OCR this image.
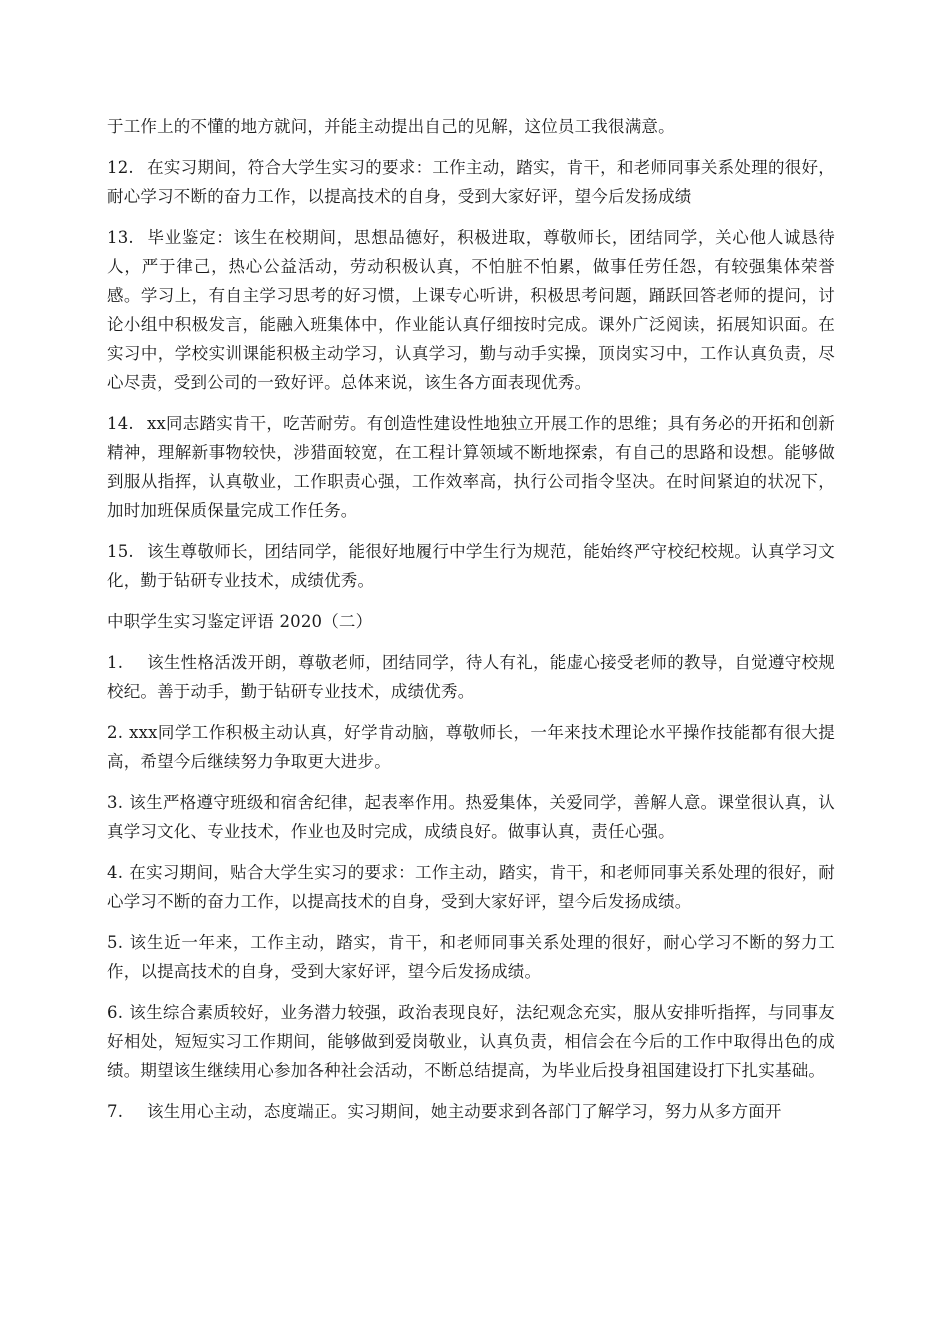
于工作上的不懂的地方就问，并能主动提出自己的见解，这位员工我很满意。

12. 在实习期间，符合大学生实习的要求：工作主动，踏实，肯干，和老师同事关系处理的很好，耐心学习不断的奋力工作，以提高技术的自身，受到大家好评，望今后发扬成绩

13. 毕业鉴定：该生在校期间，思想品德好，积极进取，尊敬师长，团结同学，关心他人诚恳待人，严于律己，热心公益活动，劳动积极认真，不怕脏不怕累，做事任劳任怨，有较强集体荣誉感。学习上，有自主学习思考的好习惯，上课专心听讲，积极思考问题，踊跃回答老师的提问，讨论小组中积极发言，能融入班集体中，作业能认真仔细按时完成。课外广泛阅读，拓展知识面。在实习中，学校实训课能积极主动学习，认真学习，勤与动手实操，顶岗实习中，工作认真负责，尽心尽责，受到公司的一致好评。总体来说，该生各方面表现优秀。

14. xx同志踏实肯干，吃苦耐劳。有创造性建设性地独立开展工作的思维；具有务必的开拓和创新精神，理解新事物较快，涉猎面较宽，在工程计算领域不断地探索，有自己的思路和设想。能够做到服从指挥，认真敬业，工作职责心强，工作效率高，执行公司指令坚决。在时间紧迫的状况下，加时加班保质保量完成工作任务。

15. 该生尊敬师长，团结同学，能很好地履行中学生行为规范，能始终严守校纪校规。认真学习文化，勤于钻研专业技术，成绩优秀。

中职学生实习鉴定评语 2020（二）

1. 该生性格活泼开朗，尊敬老师，团结同学，待人有礼，能虚心接受老师的教导，自觉遵守校规校纪。善于动手，勤于钻研专业技术，成绩优秀。

2. xxx同学工作积极主动认真，好学肯动脑，尊敬师长，一年来技术理论水平操作技能都有很大提高，希望今后继续努力争取更大进步。

3. 该生严格遵守班级和宿舍纪律，起表率作用。热爱集体，关爱同学，善解人意。课堂很认真，认真学习文化、专业技术，作业也及时完成，成绩良好。做事认真，责任心强。

4. 在实习期间，贴合大学生实习的要求：工作主动，踏实，肯干，和老师同事关系处理的很好，耐心学习不断的奋力工作，以提高技术的自身，受到大家好评，望今后发扬成绩。

5. 该生近一年来，工作主动，踏实，肯干，和老师同事关系处理的很好，耐心学习不断的努力工作，以提高技术的自身，受到大家好评，望今后发扬成绩。

6. 该生综合素质较好，业务潜力较强，政治表现良好，法纪观念充实，服从安排听指挥，与同事友好相处，短短实习工作期间，能够做到爱岗敬业，认真负责，相信会在今后的工作中取得出色的成绩。期望该生继续用心参加各种社会活动，不断总结提高，为毕业后投身祖国建设打下扎实基础。

7. 该生用心主动，态度端正。实习期间，她主动要求到各部门了解学习，努力从多方面开
